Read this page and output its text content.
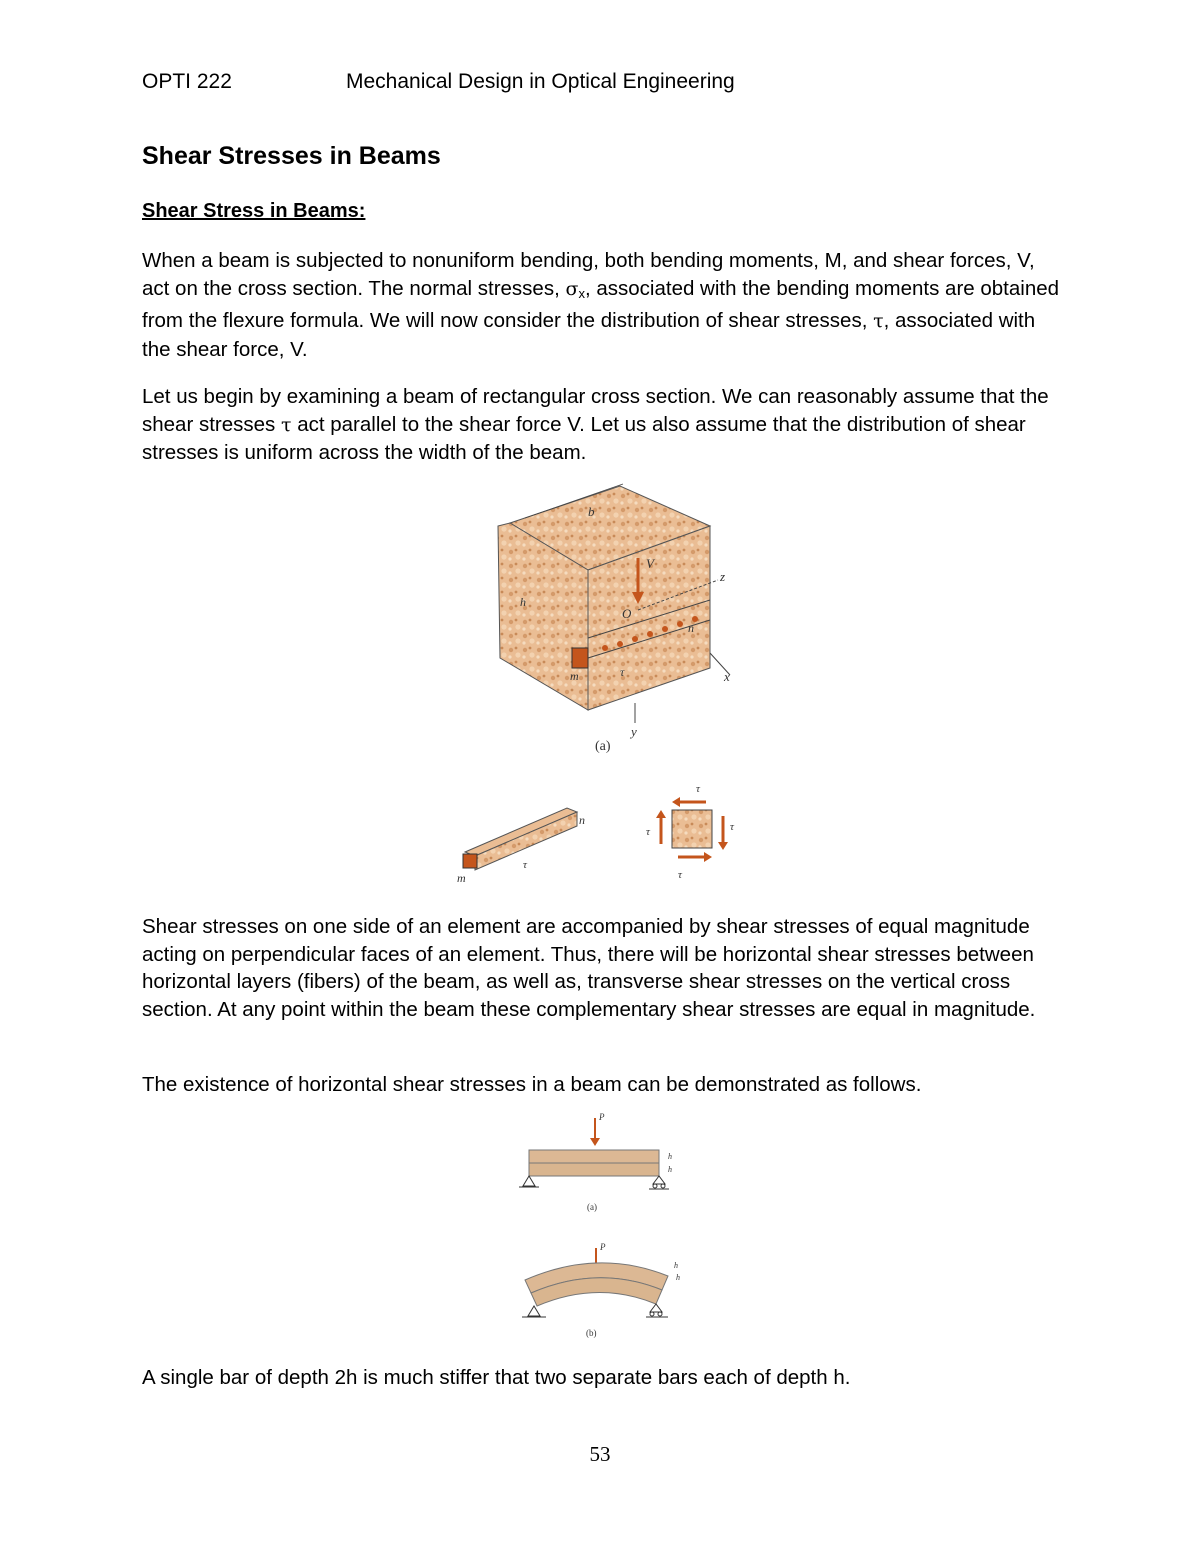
OPTI 222	Mechanical Design in Optical Engineering
Shear Stresses in Beams
Shear Stress in Beams:

When a beam is subjected to nonuniform bending, both bending moments, M, and shear forces, V, act on the cross section. The normal stresses, $\sigma_x$, associated with the bending moments are obtained from the flexure formula. We will now consider the distribution of shear stresses, τ, associated with the shear force, V.

Let us begin by examining a beam of rectangular cross section. We can reasonably assume that the shear stresses τ act parallel to the shear force V. Let us also assume that the distribution of shear stresses is uniform across the width of the beam.

b
V
z
O
n
x
y
m
h
τ
(a)
n
m
τ
τ
τ	τ
τ

Shear stresses on one side of an element are accompanied by shear stresses of equal magnitude acting on perpendicular faces of an element. Thus, there will be horizontal shear stresses between horizontal layers (fibers) of the beam, as well as, transverse shear stresses on the vertical cross section. At any point within the beam these complementary shear stresses are equal in magnitude.

The existence of horizontal shear stresses in a beam can be demonstrated as follows.

P
h
h
(a)
P
h
h
(b)

A single bar of depth 2h is much stiffer that two separate bars each of depth h.

53
